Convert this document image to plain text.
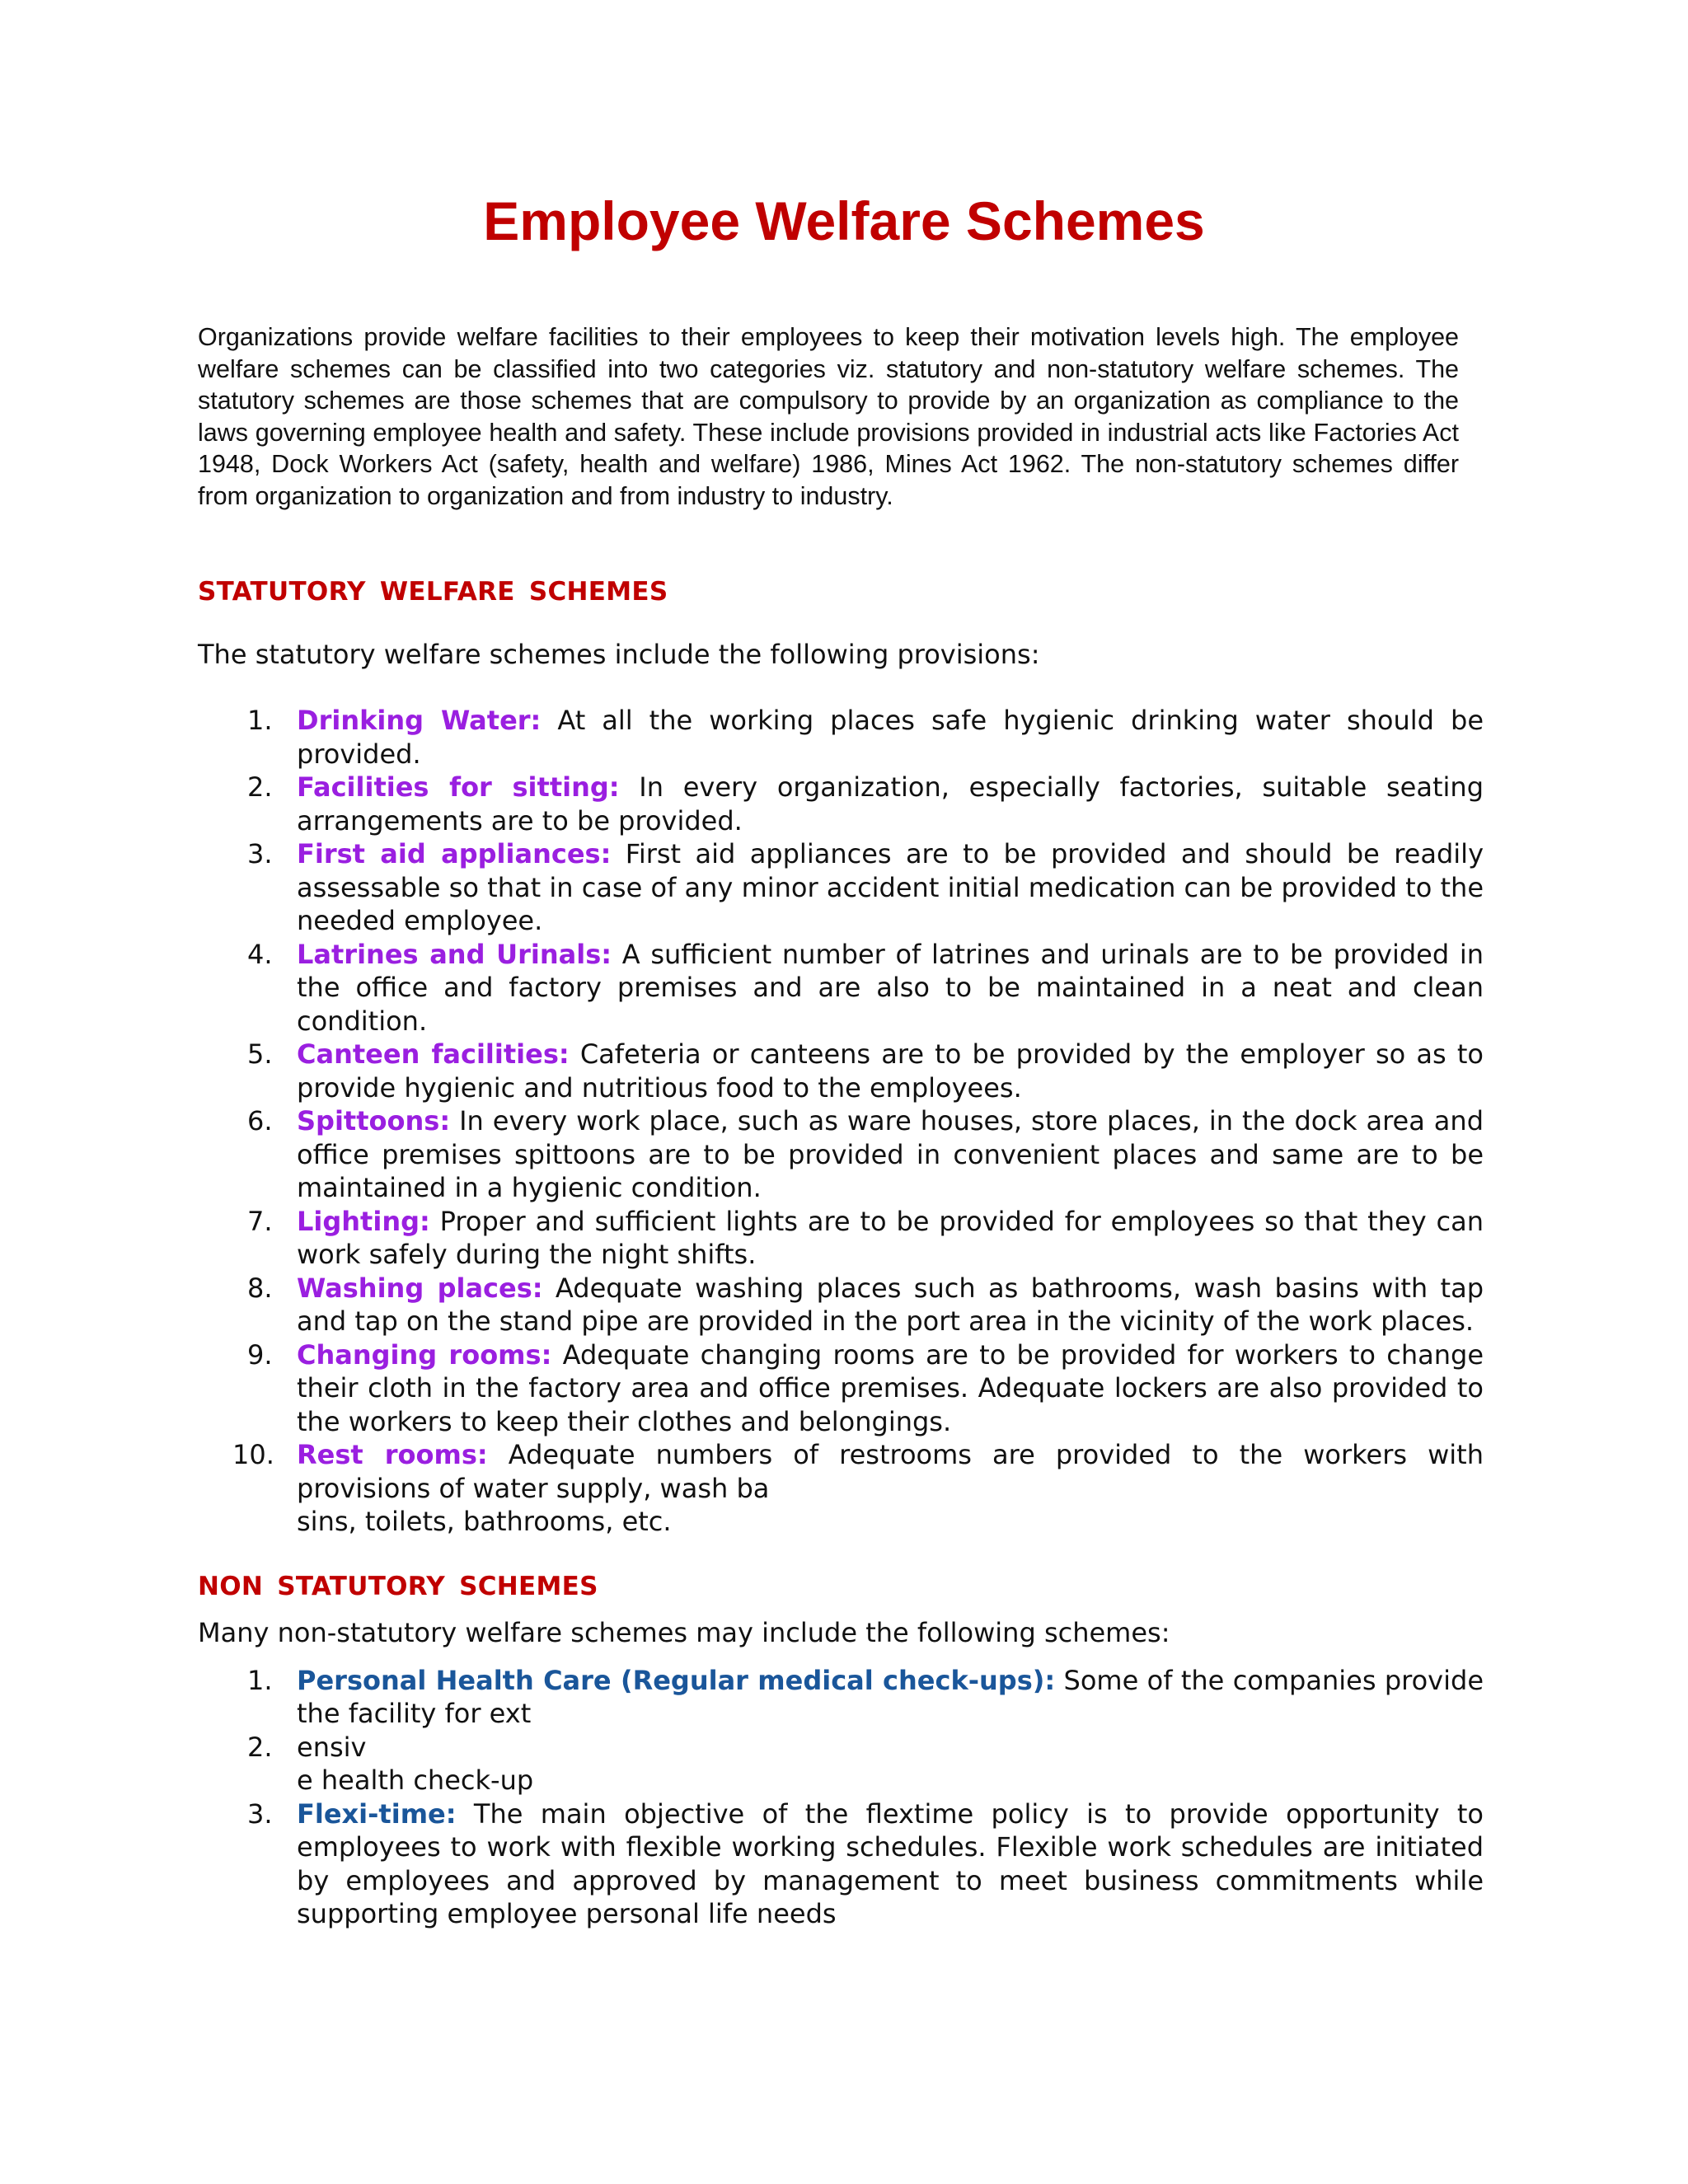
Employee Welfare Schemes

Organizations provide welfare facilities to their employees to keep their motivation levels high. The employee welfare schemes can be classified into two categories viz. statutory and non-statutory welfare schemes. The statutory schemes are those schemes that are compulsory to provide by an organization as compliance to the laws governing employee health and safety. These include provisions provided in industrial acts like Factories Act 1948, Dock Workers Act (safety, health and welfare) 1986, Mines Act 1962. The non-statutory schemes differ from organization to organization and from industry to industry.

STATUTORY WELFARE SCHEMES

The statutory welfare schemes include the following provisions:

1. Drinking Water: At all the working places safe hygienic drinking water should be provided.
2. Facilities for sitting: In every organization, especially factories, suitable seating arrangements are to be provided.
3. First aid appliances: First aid appliances are to be provided and should be readily assessable so that in case of any minor accident initial medication can be provided to the needed employee.
4. Latrines and Urinals: A sufficient number of latrines and urinals are to be provided in the office and factory premises and are also to be maintained in a neat and clean condition.
5. Canteen facilities: Cafeteria or canteens are to be provided by the employer so as to provide hygienic and nutritious food to the employees.
6. Spittoons: In every work place, such as ware houses, store places, in the dock area and office premises spittoons are to be provided in convenient places and same are to be maintained in a hygienic condition.
7. Lighting: Proper and sufficient lights are to be provided for employees so that they can work safely during the night shifts.
8. Washing places: Adequate washing places such as bathrooms, wash basins with tap and tap on the stand pipe are provided in the port area in the vicinity of the work places.
9. Changing rooms: Adequate changing rooms are to be provided for workers to change their cloth in the factory area and office premises. Adequate lockers are also provided to the workers to keep their clothes and belongings.
10. Rest rooms: Adequate numbers of restrooms are provided to the workers with provisions of water supply, wash ba
sins, toilets, bathrooms, etc.
NON STATUTORY SCHEMES

Many non-statutory welfare schemes may include the following schemes:

1. Personal Health Care (Regular medical check-ups): Some of the companies provide the facility for ext
2. ensiv
e health check-up
3. Flexi-time: The main objective of the flextime policy is to provide opportunity to employees to work with flexible working schedules. Flexible work schedules are initiated by employees and approved by management to meet business commitments while supporting employee personal life needs
